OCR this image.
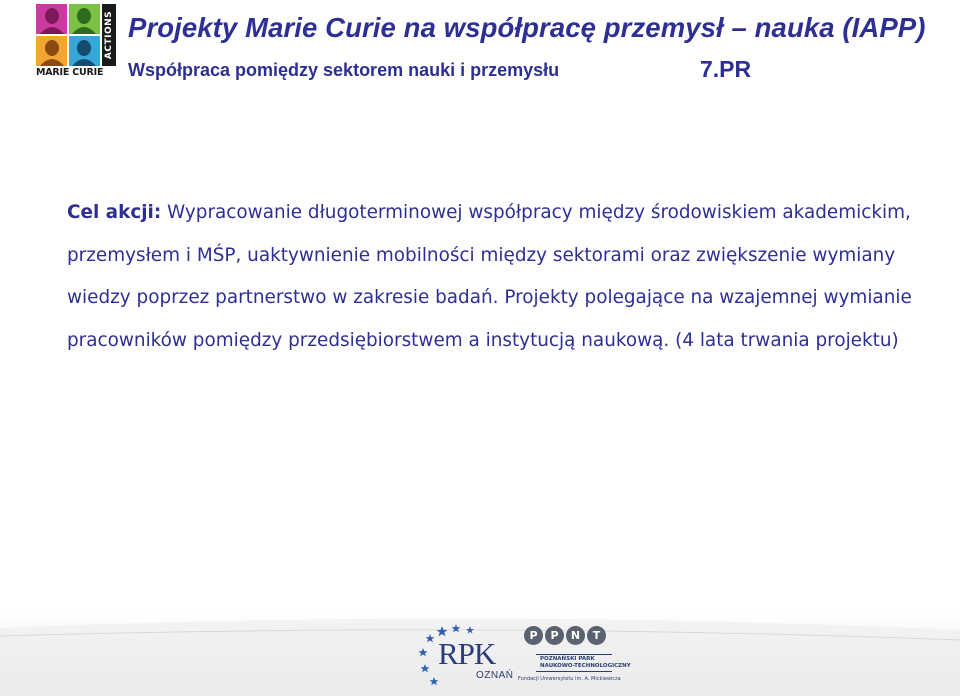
ACTIONS
MARIE CURIE
Projekty Marie Curie na współpracę przemysł – nauka (IAPP)
Współpraca pomiędzy sektorem nauki i przemysłu	7.PR

Cel akcji: Wypracowanie długoterminowej współpracy między środowiskiem akademickim, przemysłem i MŚP, uaktywnienie mobilności między sektorami oraz zwiększenie wymiany wiedzy poprzez partnerstwo w zakresie badań. Projekty polegające na wzajemnej wymianie pracowników pomiędzy przedsiębiorstwem a instytucją naukową. (4 lata trwania projektu)

RPK
OZNAŃ
P	P	N	T
POZNAŃSKI PARK
NAUKOWO-TECHNOLOGICZNY
Fundacji Uniwersytetu im. A. Mickiewicza
